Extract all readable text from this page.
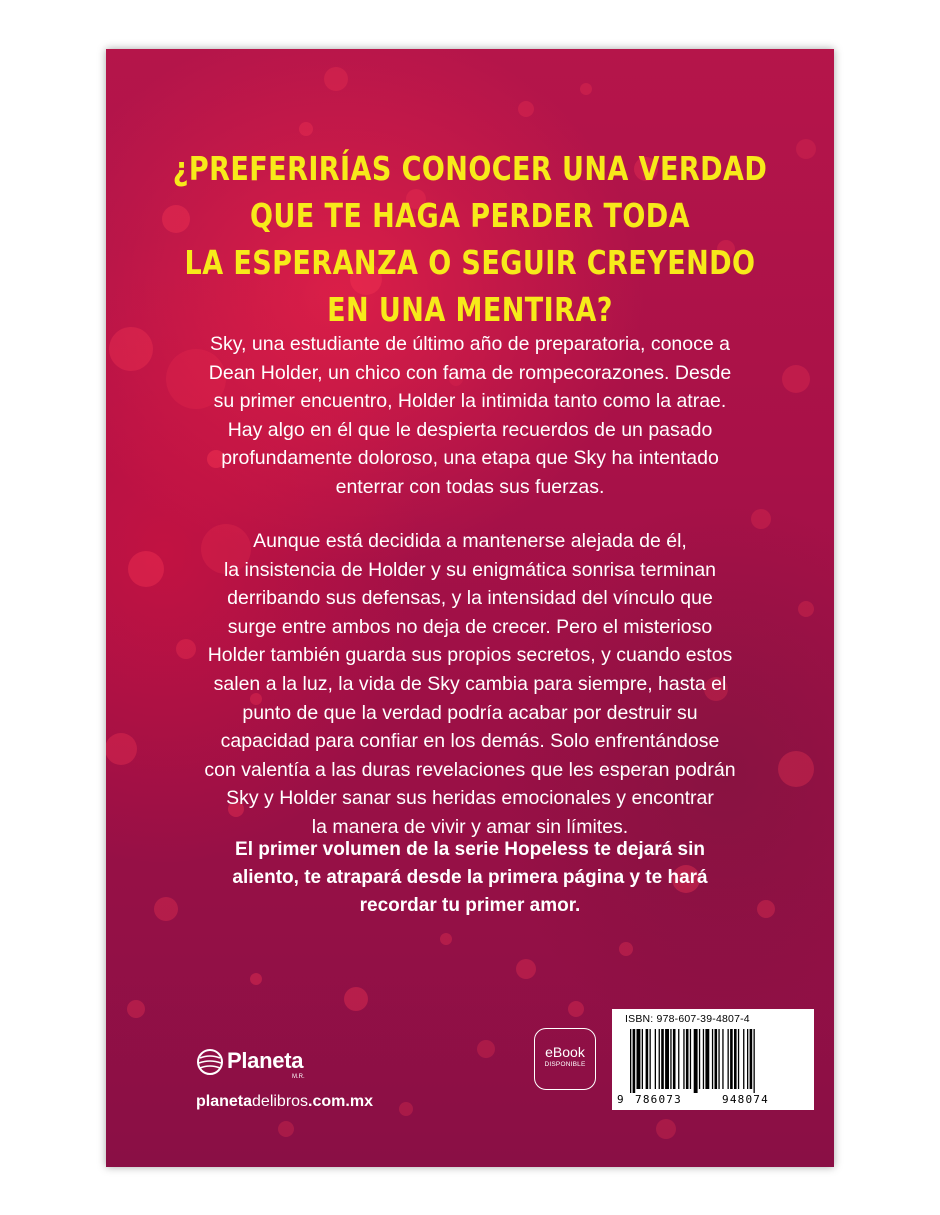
¿PREFERIRÍAS CONOCER UNA VERDAD
QUE TE HAGA PERDER TODA
LA ESPERANZA O SEGUIR CREYENDO
EN UNA MENTIRA?

Sky, una estudiante de último año de preparatoria, conoce a
Dean Holder, un chico con fama de rompecorazones. Desde
su primer encuentro, Holder la intimida tanto como la atrae.
Hay algo en él que le despierta recuerdos de un pasado
profundamente doloroso, una etapa que Sky ha intentado
enterrar con todas sus fuerzas.

Aunque está decidida a mantenerse alejada de él,
la insistencia de Holder y su enigmática sonrisa terminan
derribando sus defensas, y la intensidad del vínculo que
surge entre ambos no deja de crecer. Pero el misterioso
Holder también guarda sus propios secretos, y cuando estos
salen a la luz, la vida de Sky cambia para siempre, hasta el
punto de que la verdad podría acabar por destruir su
capacidad para confiar en los demás. Solo enfrentándose
con valentía a las duras revelaciones que les esperan podrán
Sky y Holder sanar sus heridas emocionales y encontrar
la manera de vivir y amar sin límites.

El primer volumen de la serie Hopeless te dejará sin
aliento, te atrapará desde la primera página y te hará
recordar tu primer amor.

Planeta
M.R.
planetadelibros.com.mx
eBook
DISPONIBLE
ISBN: 978-607-39-4807-4
9 786073	948074
